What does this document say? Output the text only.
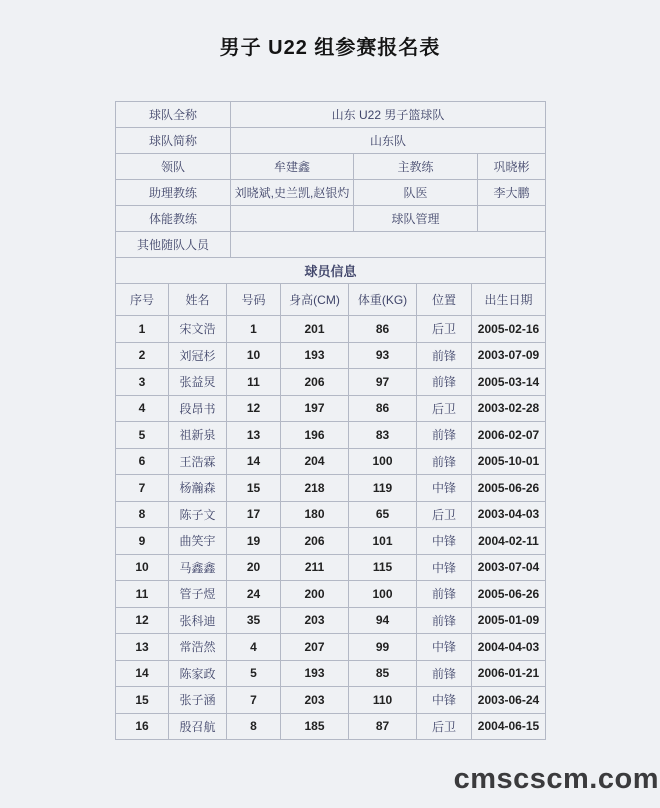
男子 U22 组参赛报名表
球队全称	山东 U22 男子篮球队		
球队简称	山东队		
领队	牟建鑫	主教练	巩晓彬
助理教练	刘晓斌,史兰凯,赵银灼	队医	李大鹏
体能教练		球队管理	
其他随队人员			
球员信息			
序号	姓名	号码	身高(CM)	体重(KG)	位置	出生日期
1	宋文浩	1	201	86	后卫	2005-02-16
2	刘冠杉	10	193	93	前锋	2003-07-09
3	张益炅	11	206	97	前锋	2005-03-14
4	段昂书	12	197	86	后卫	2003-02-28
5	祖新泉	13	196	83	前锋	2006-02-07
6	王浩霖	14	204	100	前锋	2005-10-01
7	杨瀚森	15	218	119	中锋	2005-06-26
8	陈子文	17	180	65	后卫	2003-04-03
9	曲笑宇	19	206	101	中锋	2004-02-11
10	马鑫鑫	20	211	115	中锋	2003-07-04
11	管子煜	24	200	100	前锋	2005-06-26
12	张科迪	35	203	94	前锋	2005-01-09
13	常浩然	4	207	99	中锋	2004-04-03
14	陈家政	5	193	85	前锋	2006-01-21
15	张子涵	7	203	110	中锋	2003-06-24
16	殷召航	8	185	87	后卫	2004-06-15
cmscscm.com
